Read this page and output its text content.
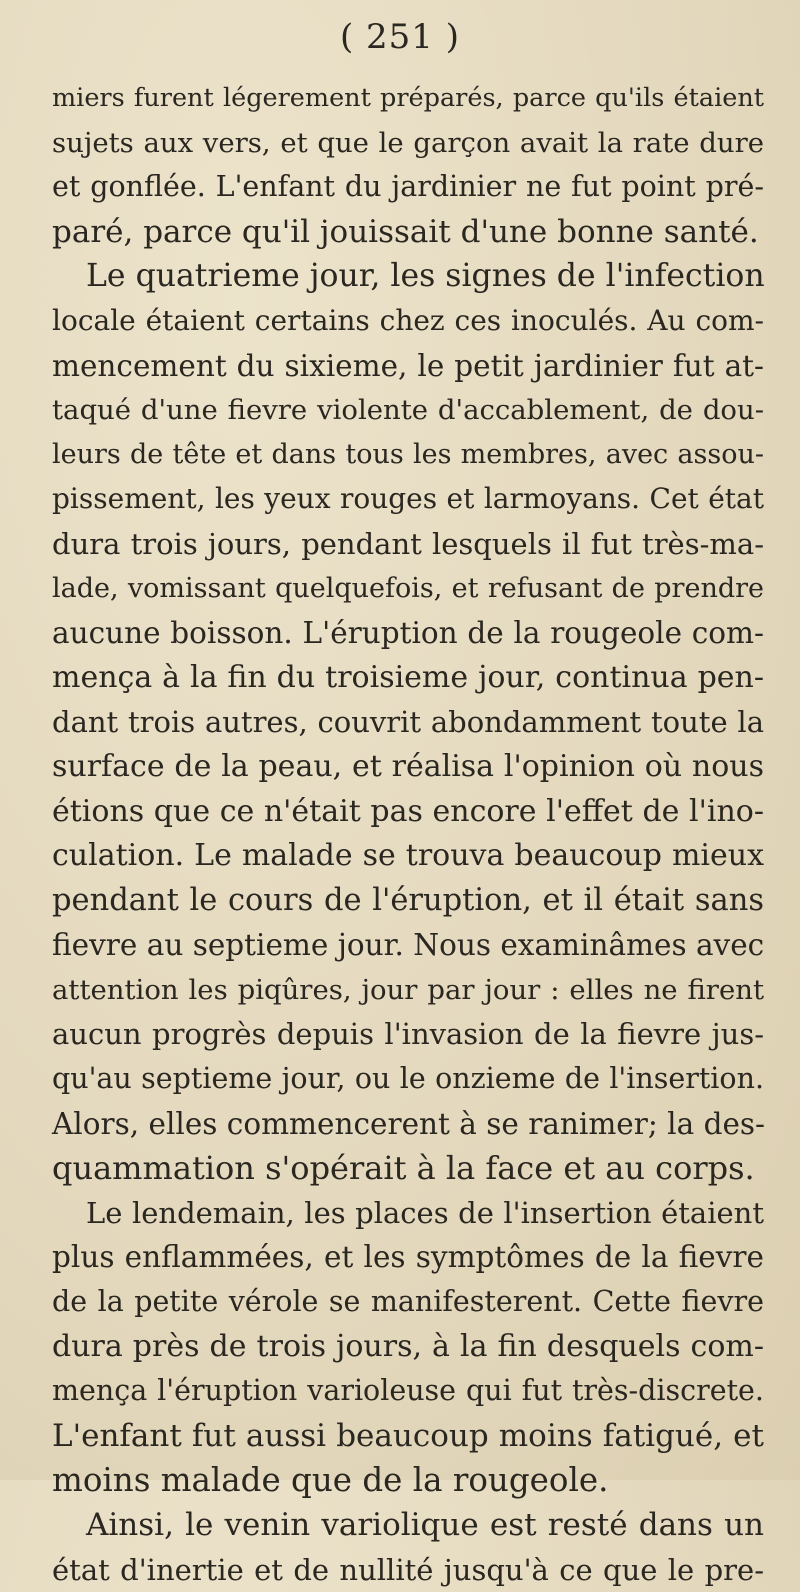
( 251 )
miers furent légerement préparés, parce qu'ils étaient
sujets aux vers, et que le garçon avait la rate dure
et gonflée. L'enfant du jardinier ne fut point pré-
paré, parce qu'il jouissait d'une bonne santé.
Le quatrieme jour, les signes de l'infection
locale étaient certains chez ces inoculés. Au com-
mencement du sixieme, le petit jardinier fut at-
taqué d'une fievre violente d'accablement, de dou-
leurs de tête et dans tous les membres, avec assou-
pissement, les yeux rouges et larmoyans. Cet état
dura trois jours, pendant lesquels il fut très-ma-
lade, vomissant quelquefois, et refusant de prendre
aucune boisson. L'éruption de la rougeole com-
mença à la fin du troisieme jour, continua pen-
dant trois autres, couvrit abondamment toute la
surface de la peau, et réalisa l'opinion où nous
étions que ce n'était pas encore l'effet de l'ino-
culation. Le malade se trouva beaucoup mieux
pendant le cours de l'éruption, et il était sans
fievre au septieme jour. Nous examinâmes avec
attention les piqûres, jour par jour : elles ne firent
aucun progrès depuis l'invasion de la fievre jus-
qu'au septieme jour, ou le onzieme de l'insertion.
Alors, elles commencerent à se ranimer; la des-
quammation s'opérait à la face et au corps.
Le lendemain, les places de l'insertion étaient
plus enflammées, et les symptômes de la fievre
de la petite vérole se manifesterent. Cette fievre
dura près de trois jours, à la fin desquels com-
mença l'éruption varioleuse qui fut très-discrete.
L'enfant fut aussi beaucoup moins fatigué, et
moins malade que de la rougeole.
Ainsi, le venin variolique est resté dans un
état d'inertie et de nullité jusqu'à ce que le pre-
